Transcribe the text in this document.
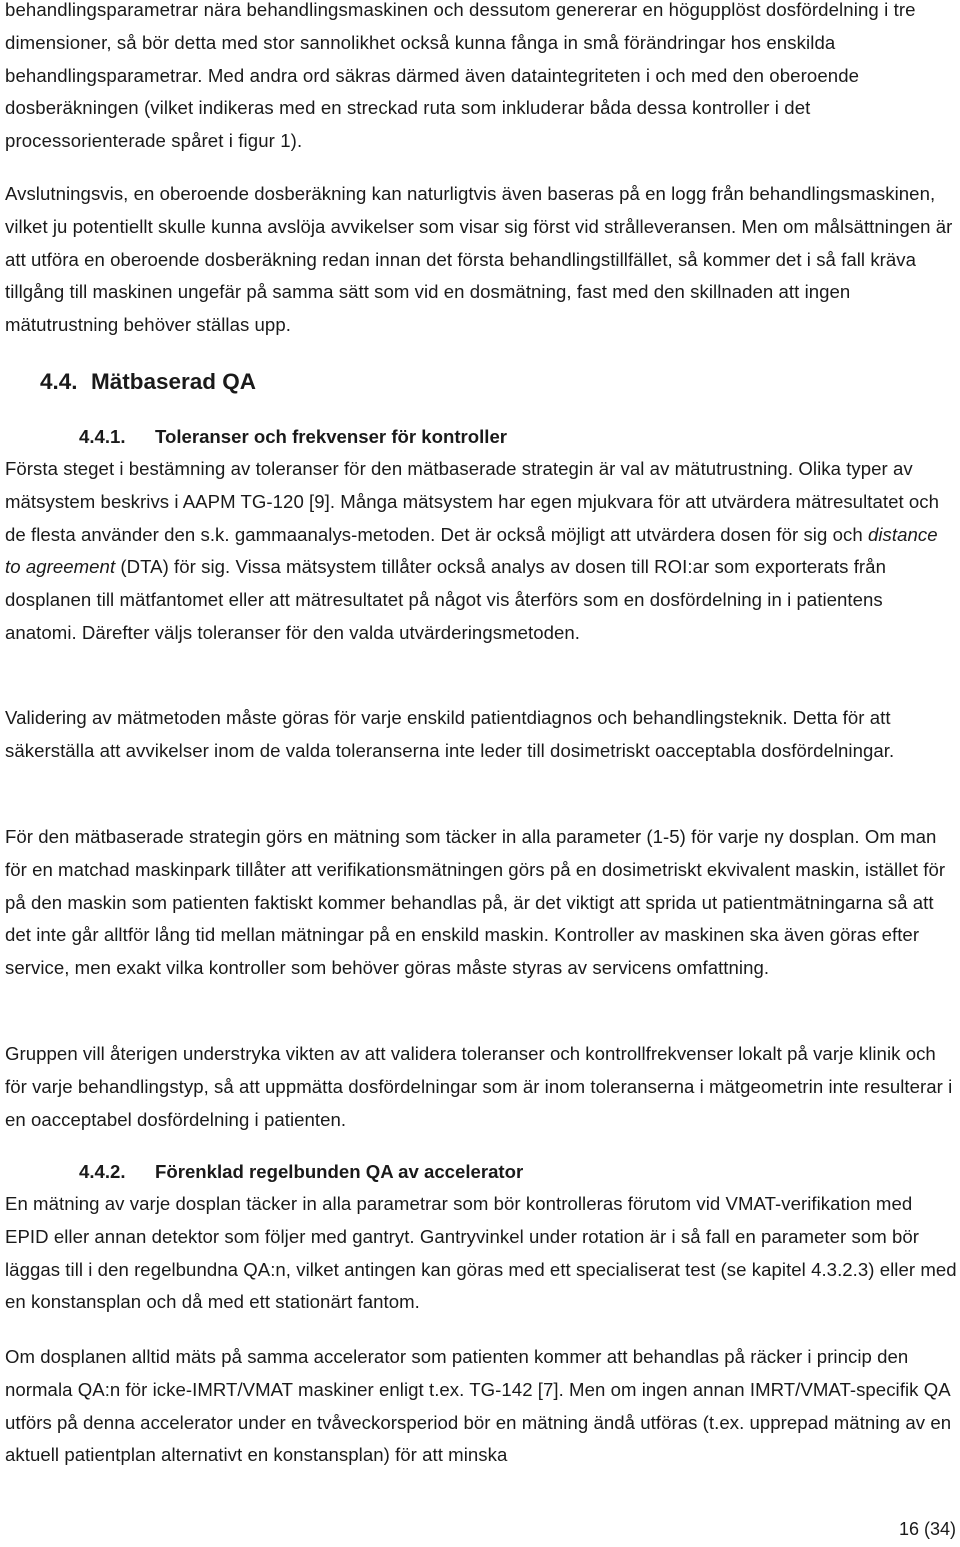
behandlingsparametrar nära behandlingsmaskinen och dessutom genererar en högupplöst dosfördelning i tre dimensioner, så bör detta med stor sannolikhet också kunna fånga in små förändringar hos enskilda behandlingsparametrar. Med andra ord säkras därmed även dataintegriteten i och med den oberoende dosberäkningen (vilket indikeras med en streckad ruta som inkluderar båda dessa kontroller i det processorienterade spåret i figur 1).

Avslutningsvis, en oberoende dosberäkning kan naturligtvis även baseras på en logg från behandlingsmaskinen, vilket ju potentiellt skulle kunna avslöja avvikelser som visar sig först vid strålleveransen. Men om målsättningen är att utföra en oberoende dosberäkning redan innan det första behandlingstillfället, så kommer det i så fall kräva tillgång till maskinen ungefär på samma sätt som vid en dosmätning, fast med den skillnaden att ingen mätutrustning behöver ställas upp.

4.4. Mätbaserad QA
4.4.1. Toleranser och frekvenser för kontroller

Första steget i bestämning av toleranser för den mätbaserade strategin är val av mätutrustning. Olika typer av mätsystem beskrivs i AAPM TG-120 [9]. Många mätsystem har egen mjukvara för att utvärdera mätresultatet och de flesta använder den s.k. gammaanalys-metoden. Det är också möjligt att utvärdera dosen för sig och distance to agreement (DTA) för sig. Vissa mätsystem tillåter också analys av dosen till ROI:ar som exporterats från dosplanen till mätfantomet eller att mätresultatet på något vis återförs som en dosfördelning in i patientens anatomi. Därefter väljs toleranser för den valda utvärderingsmetoden.

Validering av mätmetoden måste göras för varje enskild patientdiagnos och behandlingsteknik. Detta för att säkerställa att avvikelser inom de valda toleranserna inte leder till dosimetriskt oacceptabla dosfördelningar.

För den mätbaserade strategin görs en mätning som täcker in alla parameter (1-5) för varje ny dosplan. Om man för en matchad maskinpark tillåter att verifikationsmätningen görs på en dosimetriskt ekvivalent maskin, istället för på den maskin som patienten faktiskt kommer behandlas på, är det viktigt att sprida ut patientmätningarna så att det inte går alltför lång tid mellan mätningar på en enskild maskin. Kontroller av maskinen ska även göras efter service, men exakt vilka kontroller som behöver göras måste styras av servicens omfattning.

Gruppen vill återigen understryka vikten av att validera toleranser och kontrollfrekvenser lokalt på varje klinik och för varje behandlingstyp, så att uppmätta dosfördelningar som är inom toleranserna i mätgeometrin inte resulterar i en oacceptabel dosfördelning i patienten.

4.4.2. Förenklad regelbunden QA av accelerator

En mätning av varje dosplan täcker in alla parametrar som bör kontrolleras förutom vid VMAT-verifikation med EPID eller annan detektor som följer med gantryt. Gantryvinkel under rotation är i så fall en parameter som bör läggas till i den regelbundna QA:n, vilket antingen kan göras med ett specialiserat test (se kapitel 4.3.2.3) eller med en konstansplan och då med ett stationärt fantom.

Om dosplanen alltid mäts på samma accelerator som patienten kommer att behandlas på räcker i princip den normala QA:n för icke-IMRT/VMAT maskiner enligt t.ex. TG-142 [7]. Men om ingen annan IMRT/VMAT-specifik QA utförs på denna accelerator under en tvåveckorsperiod bör en mätning ändå utföras (t.ex. upprepad mätning av en aktuell patientplan alternativt en konstansplan) för att minska

16 (34)
